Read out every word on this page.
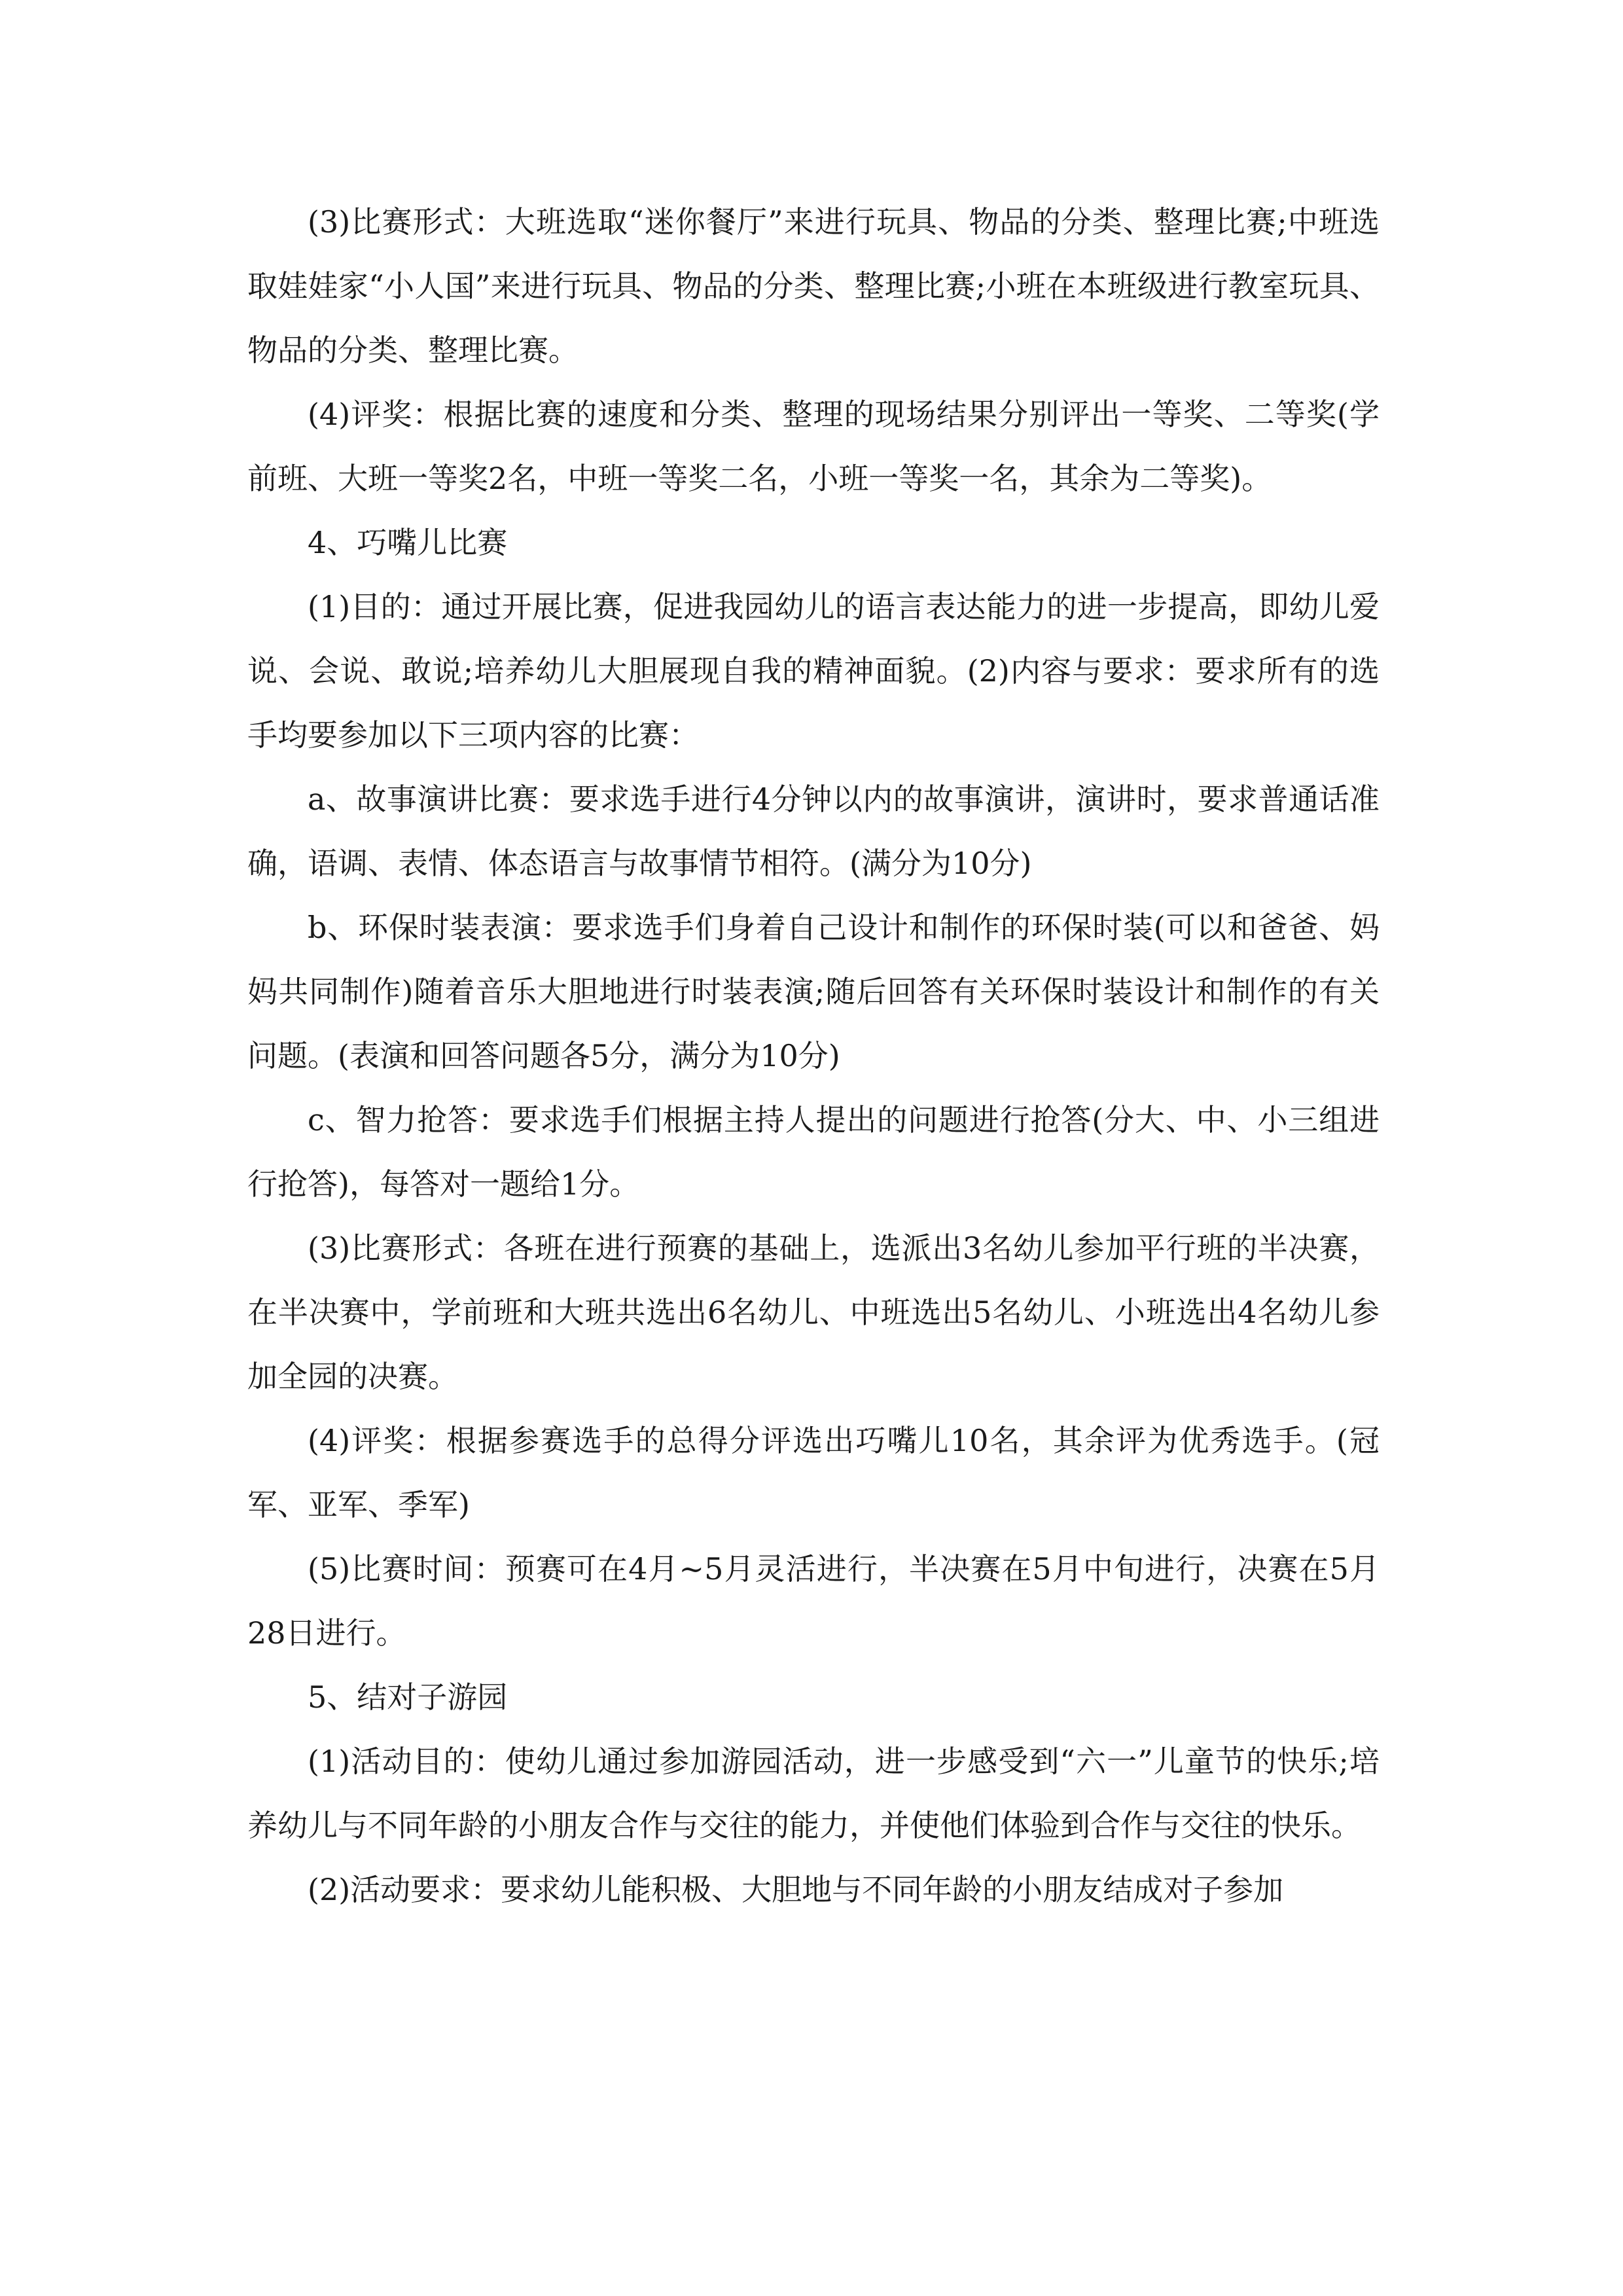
(3)比赛形式：大班选取“迷你餐厅”来进行玩具、物品的分类、整理比赛;中班选取娃娃家“小人国”来进行玩具、物品的分类、整理比赛;小班在本班级进行教室玩具、物品的分类、整理比赛。

(4)评奖：根据比赛的速度和分类、整理的现场结果分别评出一等奖、二等奖(学前班、大班一等奖2名，中班一等奖二名，小班一等奖一名，其余为二等奖)。

4、巧嘴儿比赛

(1)目的：通过开展比赛，促进我园幼儿的语言表达能力的进一步提高，即幼儿爱说、会说、敢说;培养幼儿大胆展现自我的精神面貌。(2)内容与要求：要求所有的选手均要参加以下三项内容的比赛：

a、故事演讲比赛：要求选手进行4分钟以内的故事演讲，演讲时，要求普通话准确，语调、表情、体态语言与故事情节相符。(满分为10分)

b、环保时装表演：要求选手们身着自己设计和制作的环保时装(可以和爸爸、妈妈共同制作)随着音乐大胆地进行时装表演;随后回答有关环保时装设计和制作的有关问题。(表演和回答问题各5分，满分为10分)

c、智力抢答：要求选手们根据主持人提出的问题进行抢答(分大、中、小三组进行抢答)，每答对一题给1分。

(3)比赛形式：各班在进行预赛的基础上，选派出3名幼儿参加平行班的半决赛，在半决赛中，学前班和大班共选出6名幼儿、中班选出5名幼儿、小班选出4名幼儿参加全园的决赛。

(4)评奖：根据参赛选手的总得分评选出巧嘴儿10名，其余评为优秀选手。(冠军、亚军、季军)

(5)比赛时间：预赛可在4月~5月灵活进行，半决赛在5月中旬进行，决赛在5月28日进行。

5、结对子游园

(1)活动目的：使幼儿通过参加游园活动，进一步感受到“六一”儿童节的快乐;培养幼儿与不同年龄的小朋友合作与交往的能力，并使他们体验到合作与交往的快乐。

(2)活动要求：要求幼儿能积极、大胆地与不同年龄的小朋友结成对子参加
